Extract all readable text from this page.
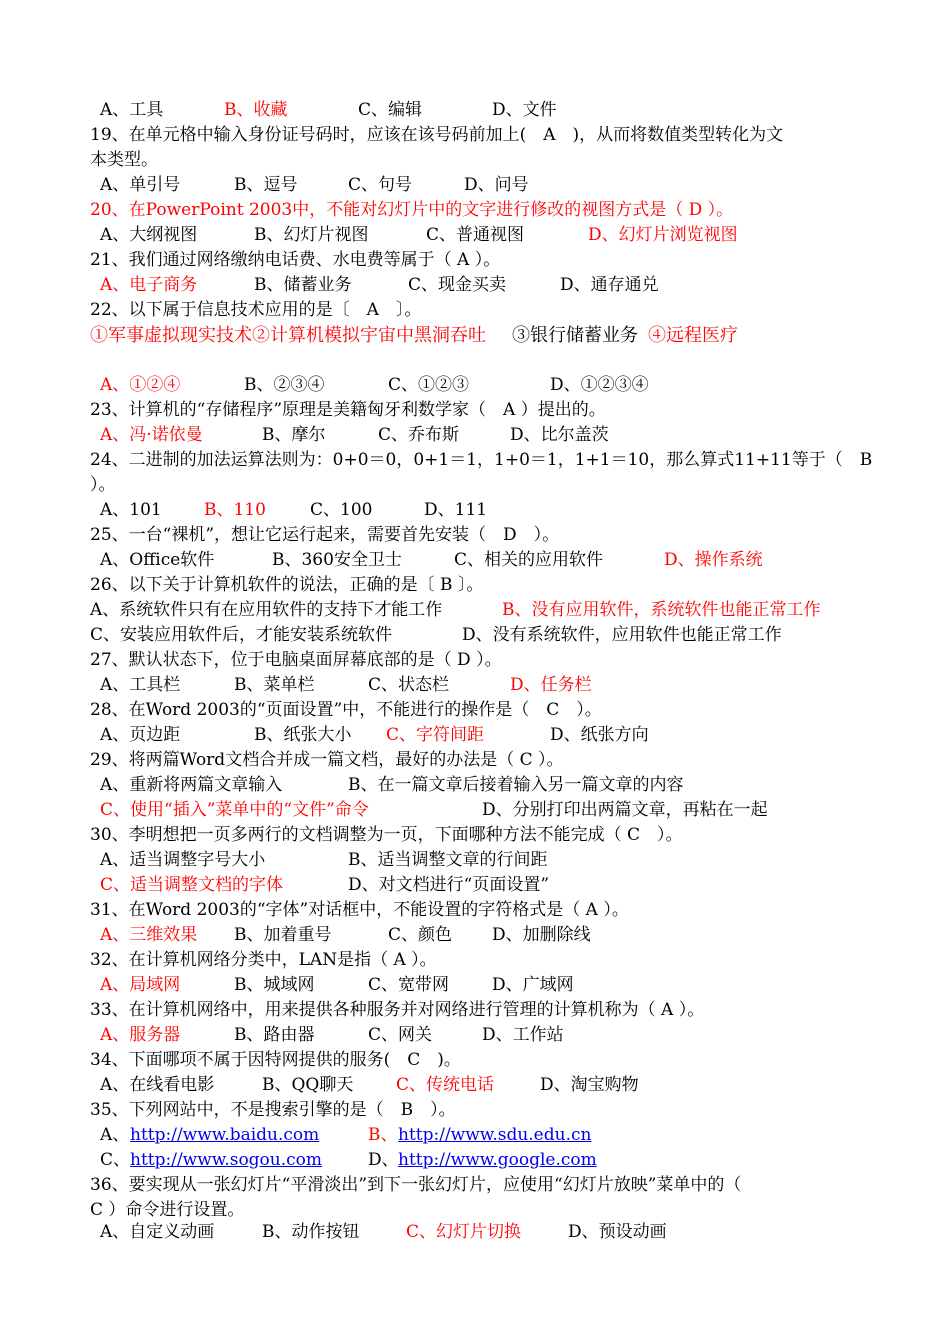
A、工具	B、收藏	C、编辑	D、文件
19、在单元格中输入身份证号码时，应该在该号码前加上(　A　)，从而将数值类型转化为文
本类型。
A、单引号	B、逗号	C、句号	D、问号
20、在PowerPoint 2003中，不能对幻灯片中的文字进行修改的视图方式是（ D ）。
A、大纲视图	B、幻灯片视图	C、普通视图	D、幻灯片浏览视图
21、我们通过网络缴纳电话费、水电费等属于（ A ）。
A、电子商务	B、储蓄业务	C、现金买卖	D、通存通兑
22、以下属于信息技术应用的是〔　A　〕。
①军事虚拟现实技术②计算机模拟宇宙中黑洞吞吐 ③银行储蓄业务 ④远程医疗
A、①②④	B、②③④	C、①②③	D、①②③④
23、计算机的“存储程序”原理是美籍匈牙利数学家（　A ）提出的。
A、冯·诺依曼	B、摩尔	C、乔布斯	D、比尔盖茨
24、二进制的加法运算法则为：0+0＝0，0+1＝1，1+0＝1，1+1＝10，那么算式11+11等于（　B
）。
A、101 B、110	C、100	D、111
25、一台“裸机”，想让它运行起来，需要首先安装（　D　）。
A、Office软件	B、360安全卫士	C、相关的应用软件	D、操作系统
26、以下关于计算机软件的说法，正确的是〔 B 〕。
A、系统软件只有在应用软件的支持下才能工作	B、没有应用软件，系统软件也能正常工作
C、安装应用软件后，才能安装系统软件	D、没有系统软件，应用软件也能正常工作
27、默认状态下，位于电脑桌面屏幕底部的是（ D ）。
A、工具栏	B、菜单栏	C、状态栏	D、任务栏
28、在Word 2003的“页面设置”中，不能进行的操作是（　C　）。
A、页边距	B、纸张大小 C、字符间距	D、纸张方向
29、将两篇Word文档合并成一篇文档，最好的办法是（ C ）。
A、重新将两篇文章输入	B、在一篇文章后接着输入另一篇文章的内容
C、使用“插入”菜单中的“文件”命令	D、分别打印出两篇文章，再粘在一起
30、李明想把一页多两行的文档调整为一页，下面哪种方法不能完成（ C　）。
A、适当调整字号大小	B、适当调整文章的行间距
C、适当调整文档的字体	D、对文档进行“页面设置”
31、在Word 2003的“字体”对话框中，不能设置的字符格式是（ A ）。
A、三维效果 B、加着重号	C、颜色 D、加删除线
32、在计算机网络分类中，LAN是指（ A ）。
A、局域网	B、城域网	C、宽带网	D、广域网
33、在计算机网络中，用来提供各种服务并对网络进行管理的计算机称为（ A ）。
A、服务器	B、路由器	C、网关	D、工作站
34、下面哪项不属于因特网提供的服务(　C　)。
A、在线看电影	B、QQ聊天	C、传统电话	D、淘宝购物
35、下列网站中，不是搜索引擎的是（　B　）。
A、 http://www.baidu.com	B、 http://www.sdu.edu.cn
C、 http://www.sogou.com	D、 http://www.google.com
36、要实现从一张幻灯片“平滑淡出”到下一张幻灯片，应使用“幻灯片放映”菜单中的（
C ）命令进行设置。
A、自定义动画	B、动作按钮	C、幻灯片切换	D、预设动画
